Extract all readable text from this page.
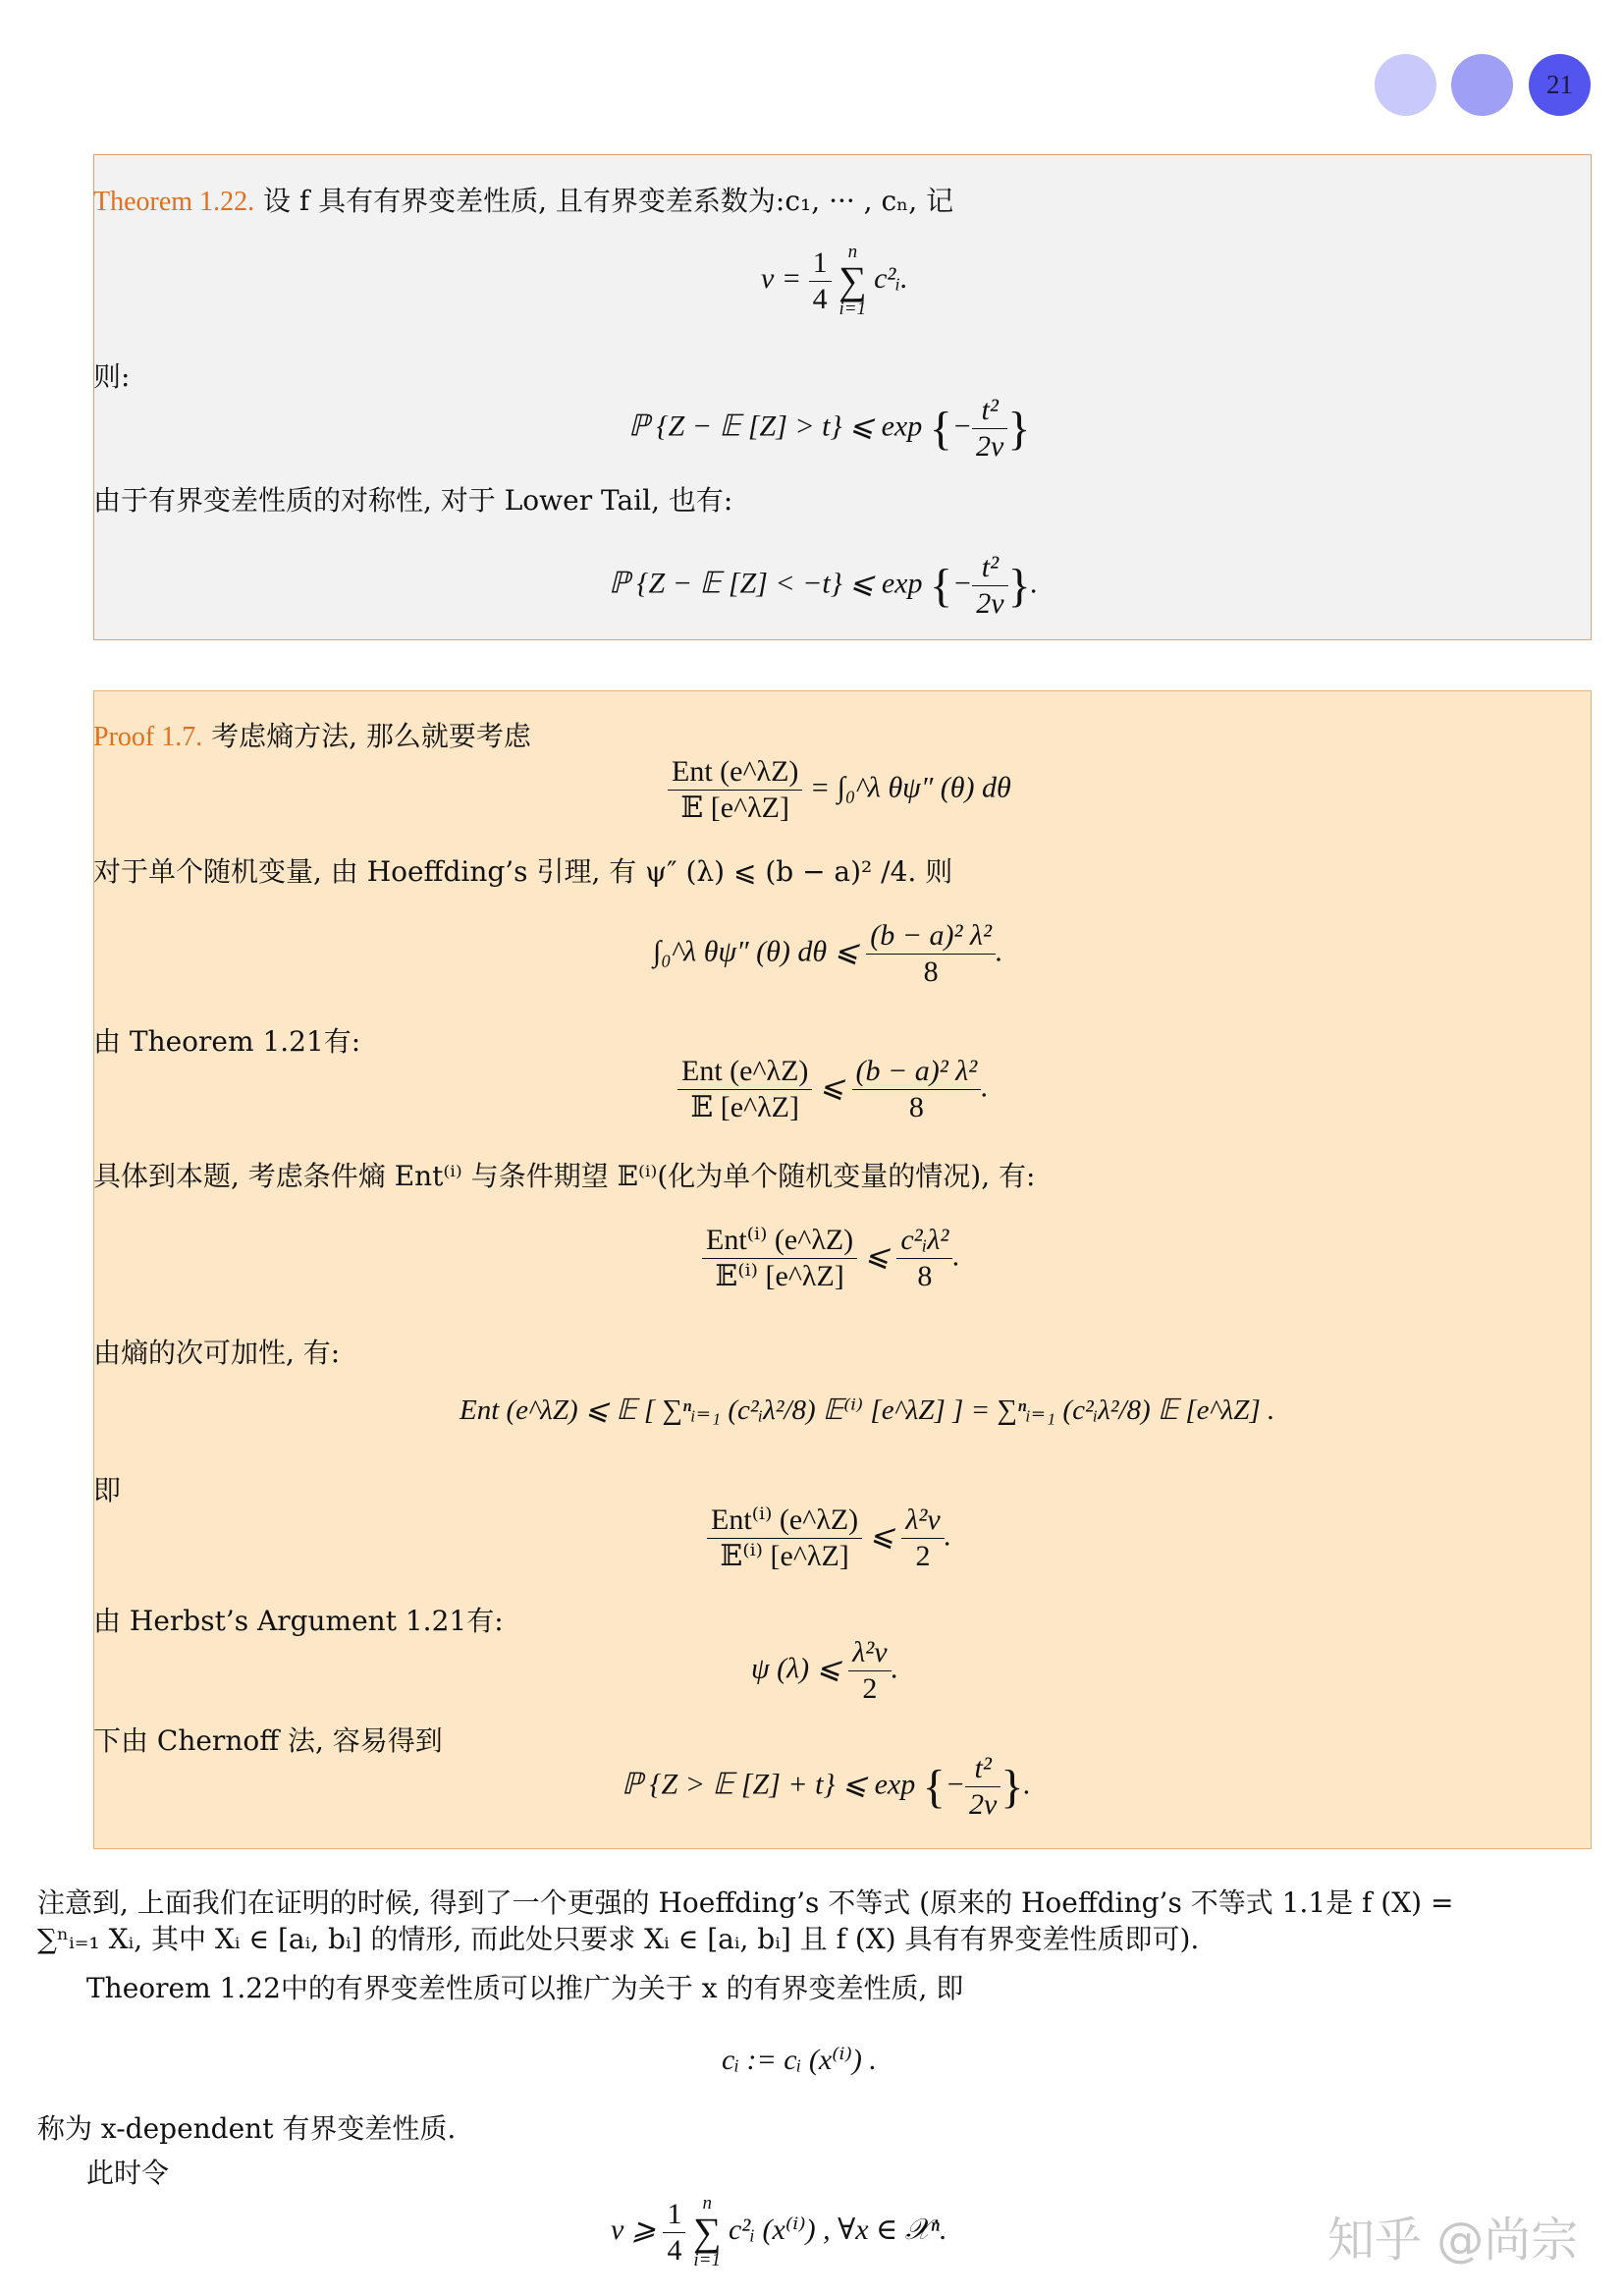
21
Theorem 1.22. 设 f 具有有界变差性质, 且有界变差系数为:c₁, ··· , cₙ, 记
$\nu = \frac{1}{4}$
n
∑
i=1
c²ᵢ.
则:
ℙ {Z − 𝔼 [Z] > t} ⩽ exp {− $\frac{\text{t²}}{2\nu}$ }
由于有界变差性质的对称性, 对于 Lower Tail, 也有:
ℙ {Z − 𝔼 [Z] < −t} ⩽ exp {− $\frac{\text{t²}}{2\nu}$ }.
Proof 1.7. 考虑熵方法, 那么就要考虑
$\frac{\text{Ent (e\textasciicircum{}λZ)}}{\text{𝔼 [e\textasciicircum{}λZ]}}$ = ∫₀^λ θψ″ (θ) dθ
对于单个随机变量, 由 Hoeffding’s 引理, 有 ψ″ (λ) ⩽ (b − a)² /4. 则
∫₀^λ θψ″ (θ) dθ ⩽ $\frac{\text{(b − a)² λ²}}{8}$ .
由 Theorem 1.21有:
$\frac{\text{Ent (e\textasciicircum{}λZ)}}{\text{𝔼 [e\textasciicircum{}λZ]}}$ ⩽ $\frac{\text{(b − a)² λ²}}{8}$ .
具体到本题, 考虑条件熵 Ent⁽ⁱ⁾ 与条件期望 𝔼⁽ⁱ⁾(化为单个随机变量的情况), 有:
$\frac{\text{Ent⁽ⁱ⁾ (e\textasciicircum{}λZ)}}{\text{𝔼⁽ⁱ⁾ [e\textasciicircum{}λZ]}}$ ⩽ $\frac{\text{c²ᵢλ²}}{8}$ .
由熵的次可加性, 有:
Ent (e^λZ) ⩽ 𝔼 [ ∑ⁿᵢ₌₁ (c²ᵢλ²/8) 𝔼⁽ⁱ⁾ [e^λZ] ] = ∑ⁿᵢ₌₁ (c²ᵢλ²/8) 𝔼 [e^λZ] .
即
$\frac{\text{Ent⁽ⁱ⁾ (e\textasciicircum{}λZ)}}{\text{𝔼⁽ⁱ⁾ [e\textasciicircum{}λZ]}}$ ⩽ $\frac{\text{λ²ν}}{2}$ .
由 Herbst’s Argument 1.21有:
ψ (λ) ⩽ $\frac{\text{λ²ν}}{2}$ .
下由 Chernoff 法, 容易得到
ℙ {Z > 𝔼 [Z] + t} ⩽ exp {− $\frac{\text{t²}}{2\nu}$ }.
注意到, 上面我们在证明的时候, 得到了一个更强的 Hoeffding’s 不等式 (原来的 Hoeffding’s 不等式 1.1是 f (X) =
∑ⁿᵢ₌₁ Xᵢ, 其中 Xᵢ ∈ [aᵢ, bᵢ] 的情形, 而此处只要求 Xᵢ ∈ [aᵢ, bᵢ] 且 f (X) 具有有界变差性质即可).
Theorem 1.22中的有界变差性质可以推广为关于 x 的有界变差性质, 即
cᵢ := cᵢ (x⁽ⁱ⁾) .
称为 x-dependent 有界变差性质.
此时令
ν ⩾ $\frac{1}{4}$
n
∑
i=1
c²ᵢ (x⁽ⁱ⁾) , ∀x ∈ 𝒳ⁿ.	知乎 @尚宗
